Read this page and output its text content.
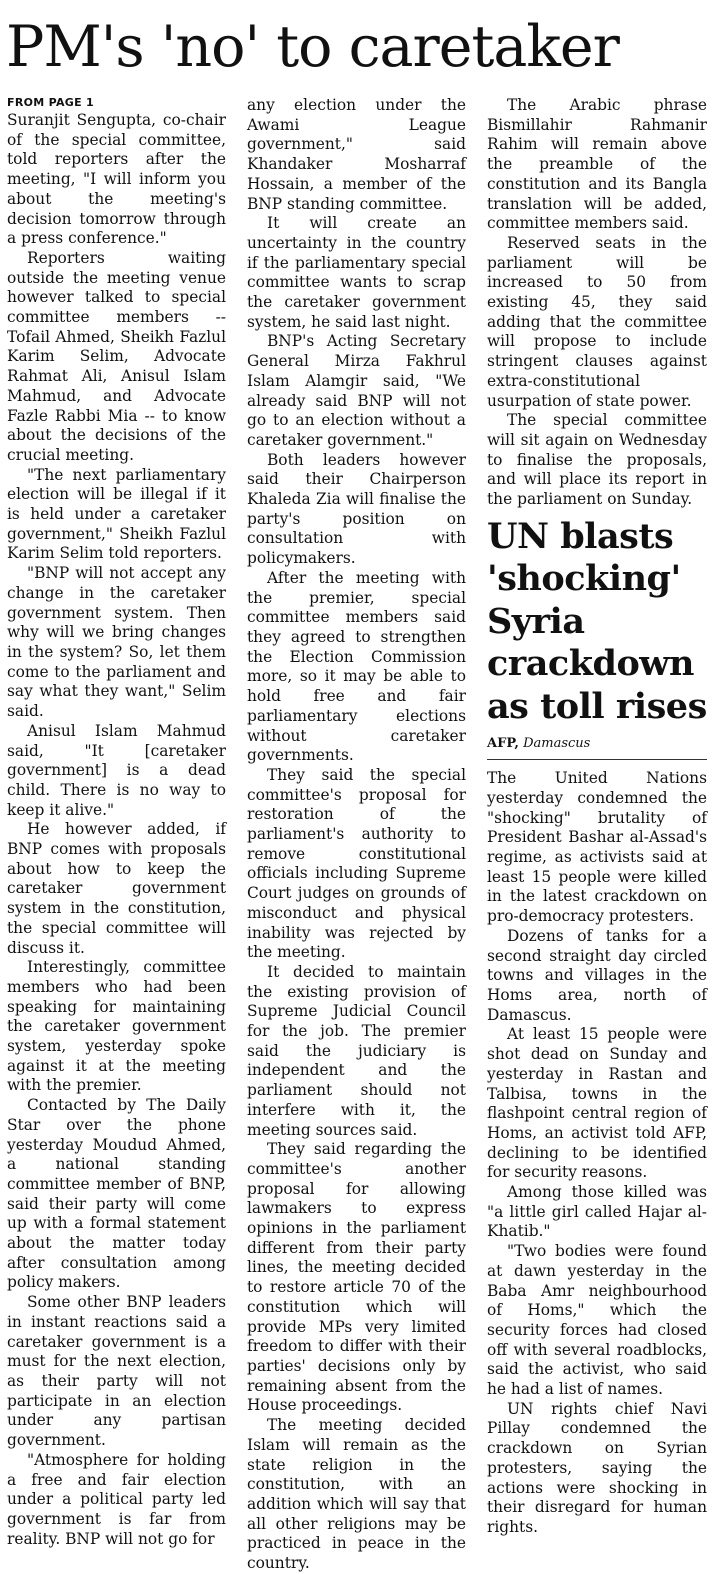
PM's 'no' to caretaker
FROM PAGE 1

Suranjit Sengupta, co-chair of the special committee, told reporters after the meeting, "I will inform you about the meeting's decision tomorrow through a press conference."

Reporters waiting outside the meeting venue however talked to special committee members -- Tofail Ahmed, Sheikh Fazlul Karim Selim, Advocate Rahmat Ali, Anisul Islam Mahmud, and Advocate Fazle Rabbi Mia -- to know about the decisions of the crucial meeting.

"The next parliamentary election will be illegal if it is held under a caretaker government," Sheikh Fazlul Karim Selim told reporters.

"BNP will not accept any change in the caretaker government system. Then why will we bring changes in the system? So, let them come to the parliament and say what they want," Selim said.

Anisul Islam Mahmud said, "It [caretaker government] is a dead child. There is no way to keep it alive."

He however added, if BNP comes with proposals about how to keep the caretaker government system in the constitution, the special committee will discuss it.

Interestingly, committee members who had been speaking for maintaining the caretaker government system, yesterday spoke against it at the meeting with the premier.

Contacted by The Daily Star over the phone yesterday Moudud Ahmed, a national standing committee member of BNP, said their party will come up with a formal statement about the matter today after consultation among policy makers.

Some other BNP leaders in instant reactions said a caretaker government is a must for the next election, as their party will not participate in an election under any partisan government.

"Atmosphere for holding a free and fair election under a political party led government is far from reality. BNP will not go for

any election under the Awami League government," said Khandaker Mosharraf Hossain, a member of the BNP standing committee.

It will create an uncertainty in the country if the parliamentary special committee wants to scrap the caretaker government system, he said last night.

BNP's Acting Secretary General Mirza Fakhrul Islam Alamgir said, "We already said BNP will not go to an election without a caretaker government."

Both leaders however said their Chairperson Khaleda Zia will finalise the party's position on consultation with policymakers.

After the meeting with the premier, special committee members said they agreed to strengthen the Election Commission more, so it may be able to hold free and fair parliamentary elections without caretaker governments.

They said the special committee's proposal for restoration of the parliament's authority to remove constitutional officials including Supreme Court judges on grounds of misconduct and physical inability was rejected by the meeting.

It decided to maintain the existing provision of Supreme Judicial Council for the job. The premier said the judiciary is independent and the parliament should not interfere with it, the meeting sources said.

They said regarding the committee's another proposal for allowing lawmakers to express opinions in the parliament different from their party lines, the meeting decided to restore article 70 of the constitution which will provide MPs very limited freedom to differ with their parties' decisions only by remaining absent from the House proceedings.

The meeting decided Islam will remain as the state religion in the constitution, with an addition which will say that all other religions may be practiced in peace in the country.

The Arabic phrase Bismillahir Rahmanir Rahim will remain above the preamble of the constitution and its Bangla translation will be added, committee members said.

Reserved seats in the parliament will be increased to 50 from existing 45, they said adding that the committee will propose to include stringent clauses against extra-constitutional usurpation of state power.

The special committee will sit again on Wednesday to finalise the proposals, and will place its report in the parliament on Sunday.

UN blasts 'shocking' Syria crackdown as toll rises
AFP, Damascus

The United Nations yesterday condemned the "shocking" brutality of President Bashar al-Assad's regime, as activists said at least 15 people were killed in the latest crackdown on pro-democracy protesters.

Dozens of tanks for a second straight day circled towns and villages in the Homs area, north of Damascus.

At least 15 people were shot dead on Sunday and yesterday in Rastan and Talbisa, towns in the flashpoint central region of Homs, an activist told AFP, declining to be identified for security reasons.

Among those killed was "a little girl called Hajar al-Khatib."

"Two bodies were found at dawn yesterday in the Baba Amr neighbourhood of Homs," which the security forces had closed off with several roadblocks, said the activist, who said he had a list of names.

UN rights chief Navi Pillay condemned the crackdown on Syrian protesters, saying the actions were shocking in their disregard for human rights.
